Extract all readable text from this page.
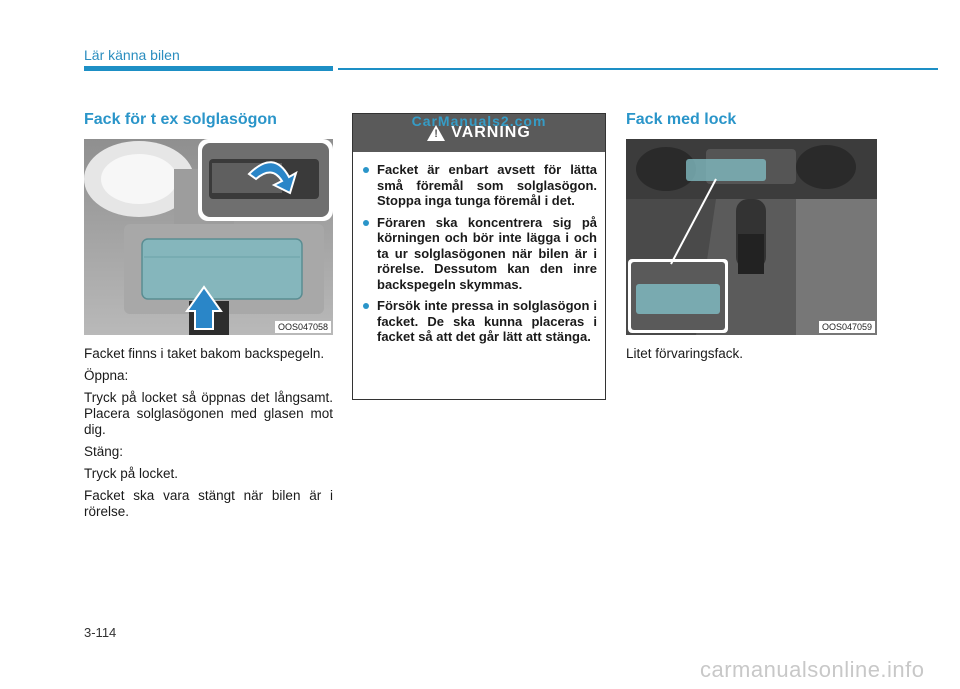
Lär känna bilen
Fack för t ex solglasögon
OOS047058

Facket finns i taket bakom backspegeln.

Öppna:

Tryck på locket så öppnas det långsamt. Placera solglasögonen med glasen mot dig.

Stäng:

Tryck på locket.

Facket ska vara stängt när bilen är i rörelse.

CarManuals2.com
! VARNING
Facket är enbart avsett för lätta små föremål som solglasögon. Stoppa inga tunga föremål i det.
Föraren ska koncentrera sig på körningen och bör inte lägga i och ta ur solglasögonen när bilen är i rörelse. Dessutom kan den inre backspegeln skymmas.
Försök inte pressa in solglasögon i facket. De ska kunna placeras i facket så att det går lätt att stänga.
Fack med lock
OOS047059
Litet förvaringsfack.
3-114
carmanualsonline.info
